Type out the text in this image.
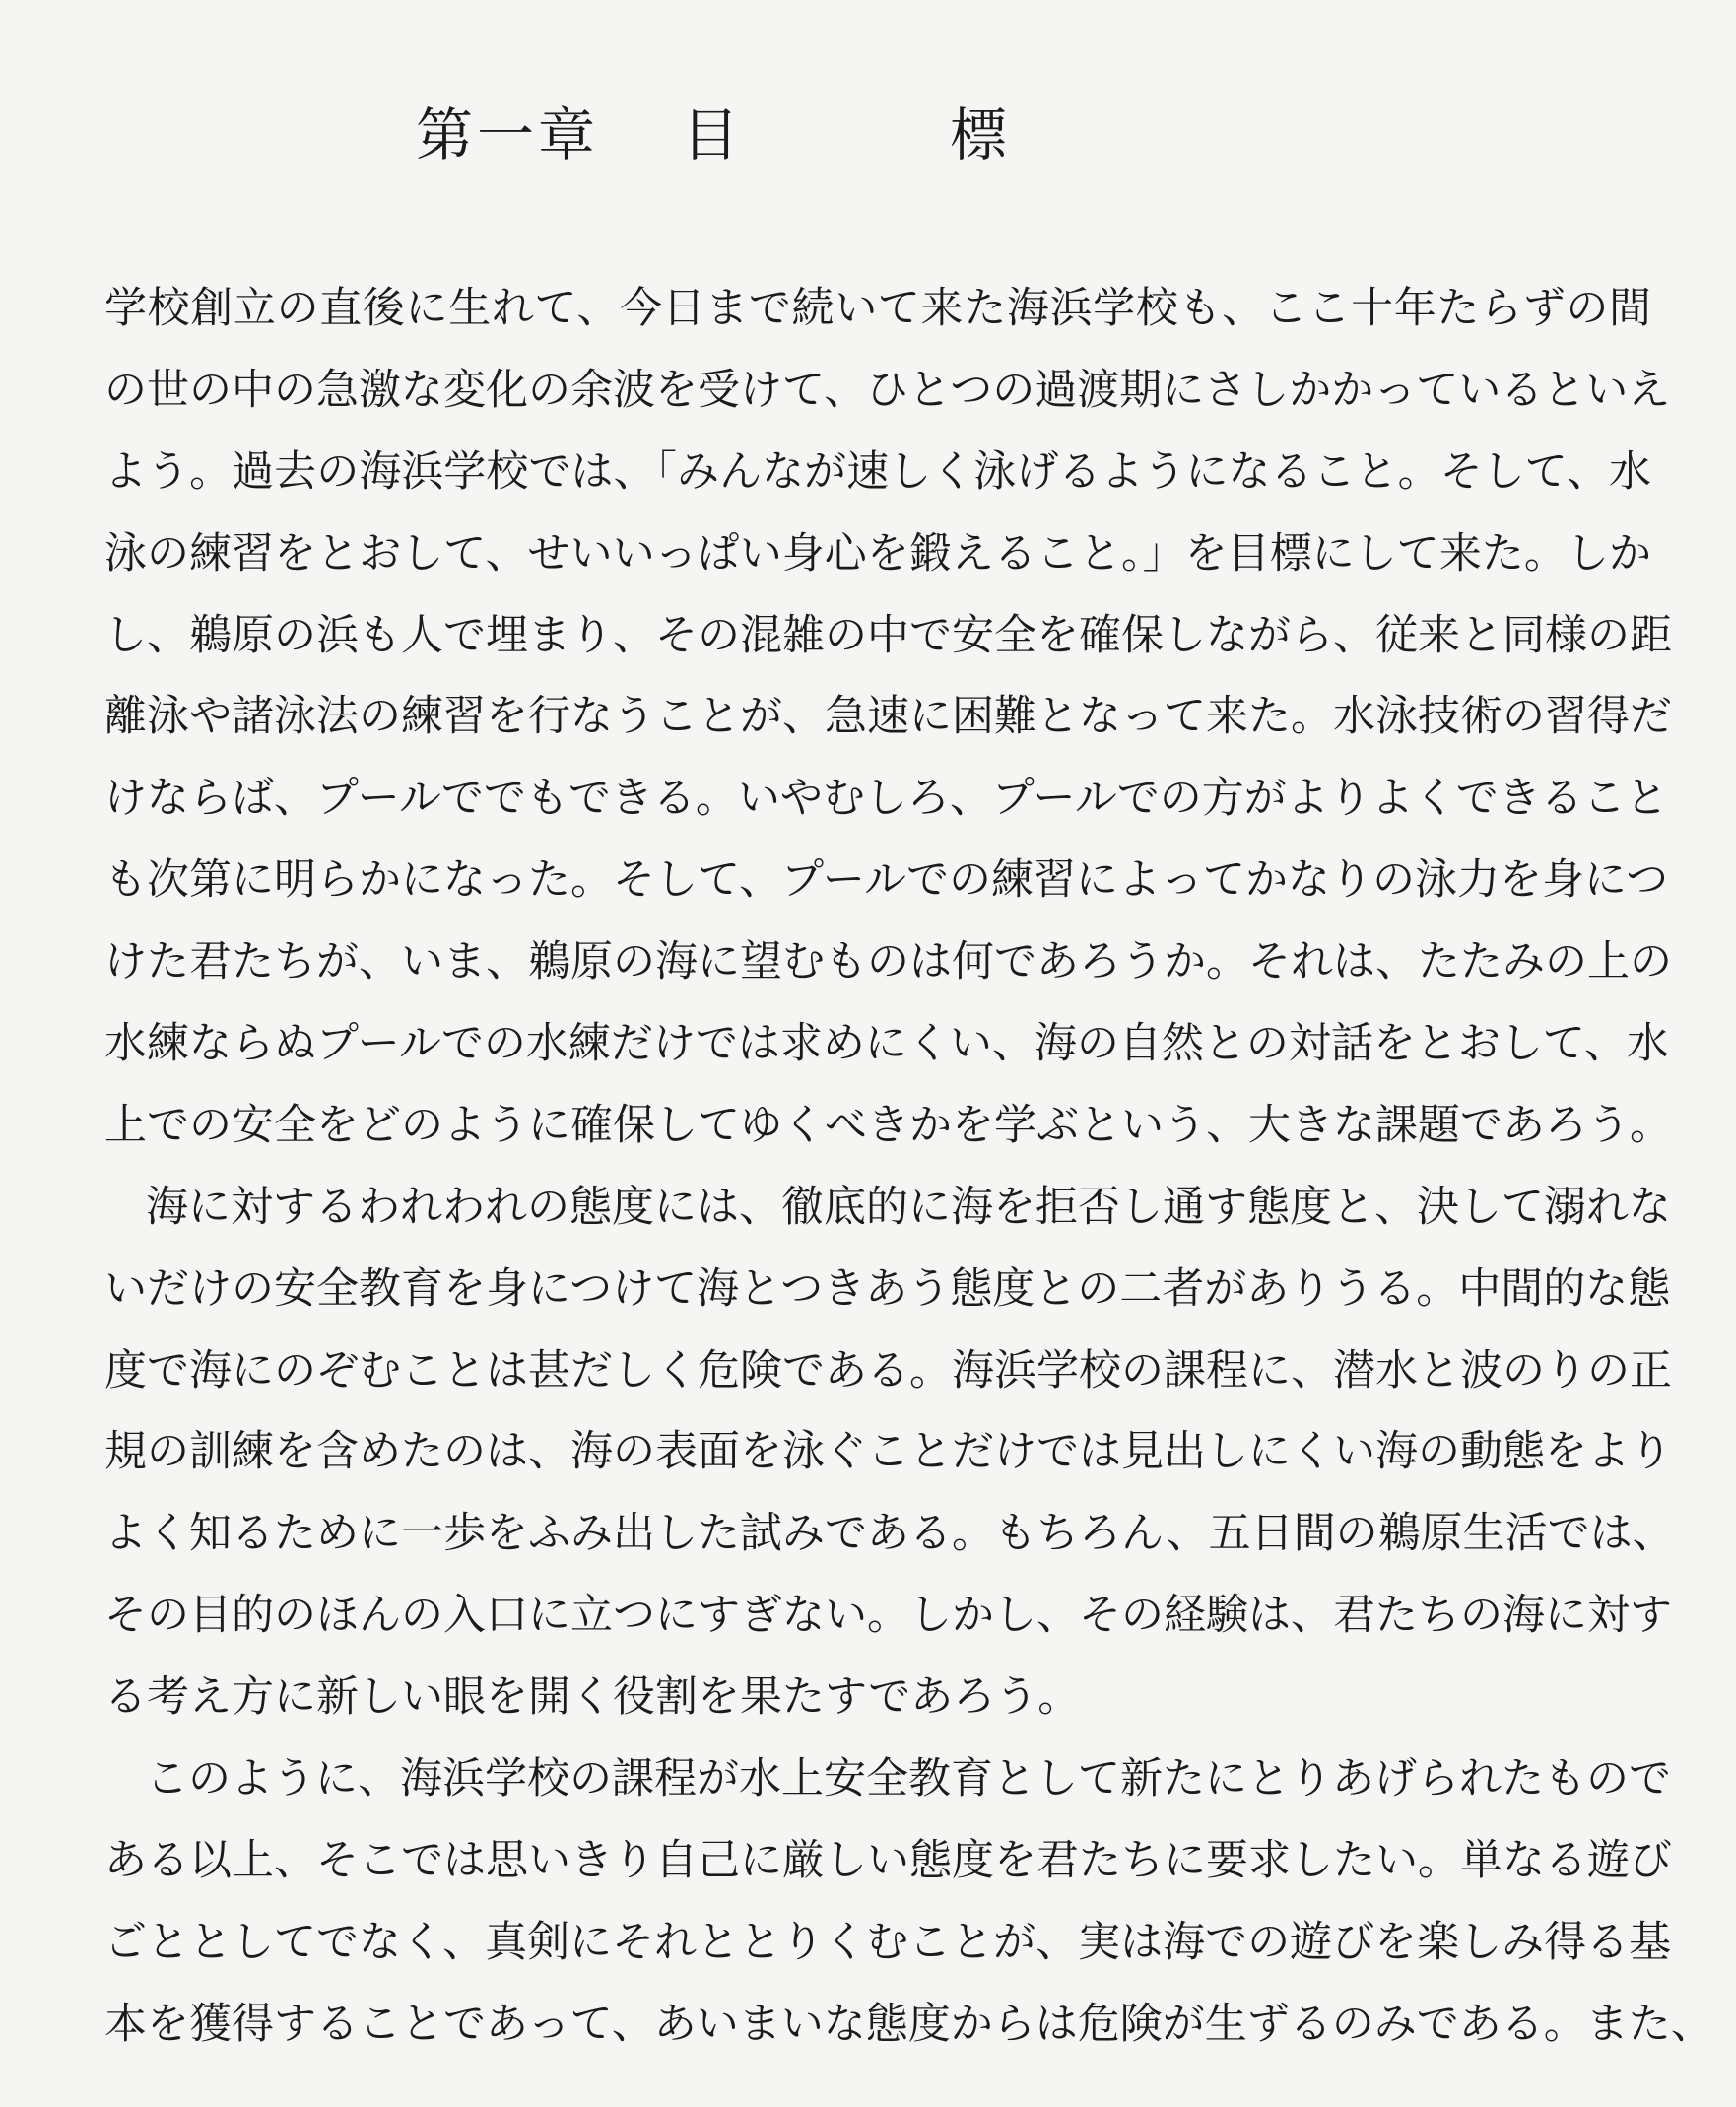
第一章 目	標
学校創立の直後に生れて、今日まで続いて来た海浜学校も、ここ十年たらずの間
の世の中の急激な変化の余波を受けて、ひとつの過渡期にさしかかっているといえ
よう。過去の海浜学校では、「みんなが速しく泳げるようになること。そして、水
泳の練習をとおして、せいいっぱい身心を鍛えること。」を目標にして来た。しか
し、鵜原の浜も人で埋まり、その混雑の中で安全を確保しながら、従来と同様の距
離泳や諸泳法の練習を行なうことが、急速に困難となって来た。水泳技術の習得だ
けならば、プールででもできる。いやむしろ、プールでの方がよりよくできること
も次第に明らかになった。そして、プールでの練習によってかなりの泳力を身につ
けた君たちが、いま、鵜原の海に望むものは何であろうか。それは、たたみの上の
水練ならぬプールでの水練だけでは求めにくい、海の自然との対話をとおして、水
上での安全をどのように確保してゆくべきかを学ぶという、大きな課題であろう。
海に対するわれわれの態度には、徹底的に海を拒否し通す態度と、決して溺れな
いだけの安全教育を身につけて海とつきあう態度との二者がありうる。中間的な態
度で海にのぞむことは甚だしく危険である。海浜学校の課程に、潜水と波のりの正
規の訓練を含めたのは、海の表面を泳ぐことだけでは見出しにくい海の動態をより
よく知るために一歩をふみ出した試みである。もちろん、五日間の鵜原生活では、
その目的のほんの入口に立つにすぎない。しかし、その経験は、君たちの海に対す
る考え方に新しい眼を開く役割を果たすであろう。
このように、海浜学校の課程が水上安全教育として新たにとりあげられたもので
ある以上、そこでは思いきり自己に厳しい態度を君たちに要求したい。単なる遊び
ごととしてでなく、真剣にそれととりくむことが、実は海での遊びを楽しみ得る基
本を獲得することであって、あいまいな態度からは危険が生ずるのみである。また、
